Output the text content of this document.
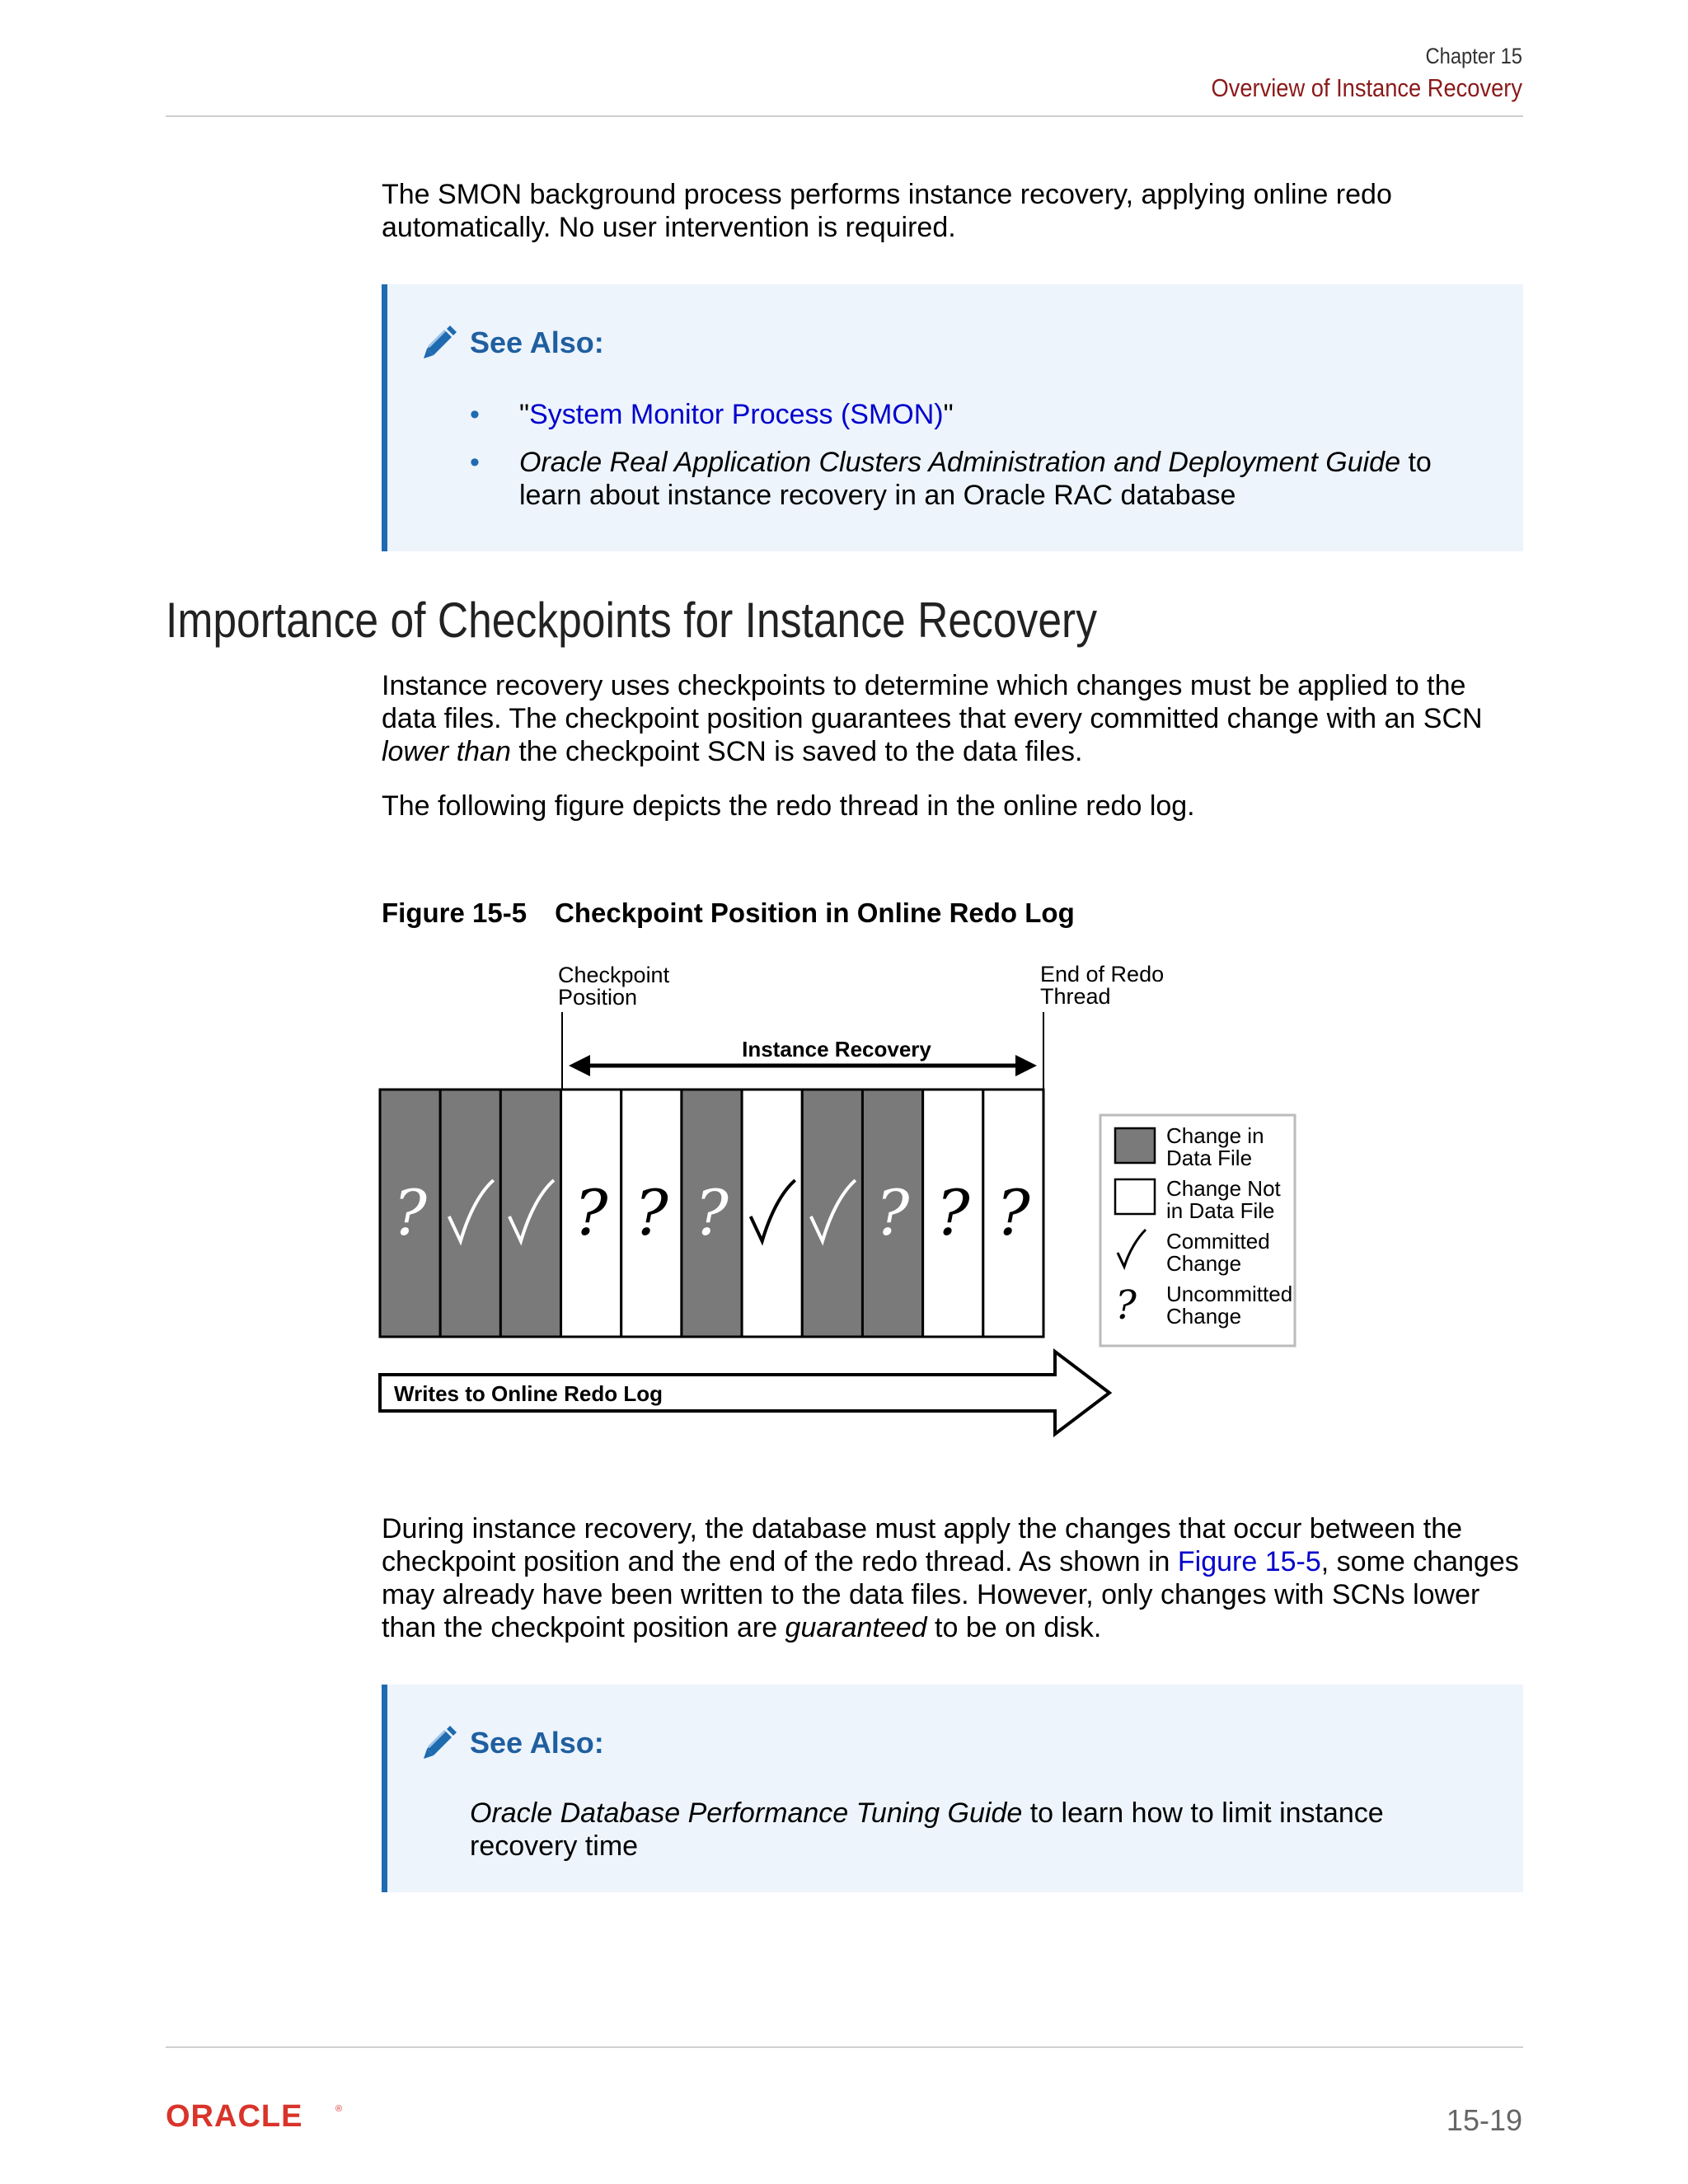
Chapter 15
Overview of Instance Recovery

The SMON background process performs instance recovery, applying online redo automatically. No user intervention is required.

See Also:
• "System Monitor Process (SMON)"
• Oracle Real Application Clusters Administration and Deployment Guide to learn about instance recovery in an Oracle RAC database
Importance of Checkpoints for Instance Recovery

Instance recovery uses checkpoints to determine which changes must be applied to the data files. The checkpoint position guarantees that every committed change with an SCN lower than the checkpoint SCN is saved to the data files.

The following figure depicts the redo thread in the online redo log.

Figure 15-5 Checkpoint Position in Online Redo Log

Checkpoint
Position
End of Redo
Thread
Instance Recovery
? ? ? ? ? ? ?
Change in
Data File
Change Not
in Data File
Committed
Change
? Uncommitted
Change
Writes to Online Redo Log

During instance recovery, the database must apply the changes that occur between the checkpoint position and the end of the redo thread. As shown in Figure 15-5, some changes may already have been written to the data files. However, only changes with SCNs lower than the checkpoint position are guaranteed to be on disk.

See Also:

Oracle Database Performance Tuning Guide to learn how to limit instance recovery time

ORACLE	®	15-19
